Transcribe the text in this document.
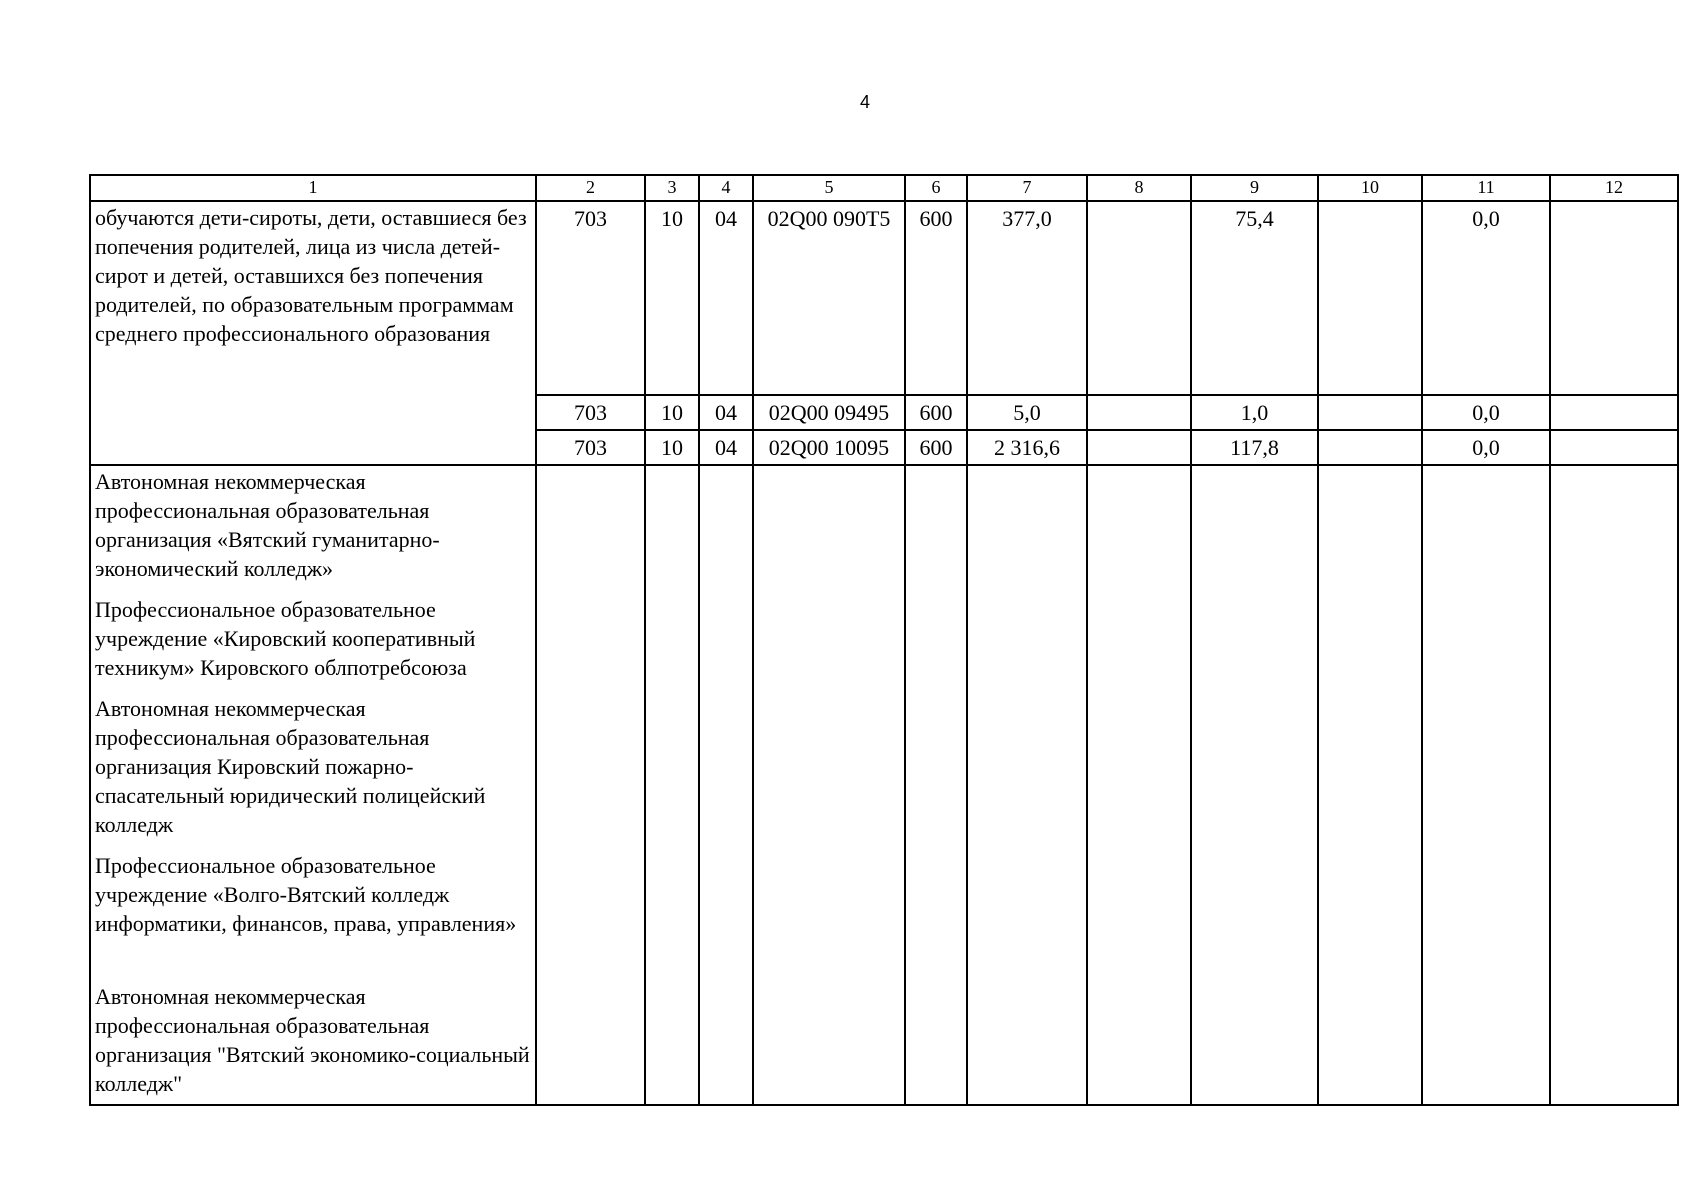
4
1	2	3	4	5	6	7	8	9	10	11	12
обучаются дети-сироты, дети, оставшиеся без попечения родителей, лица из числа детей-сирот и детей, оставшихся без попечения родителей, по образовательным программам среднего профессионального образования	703	10	04	02Q00 090T5	600	377,0		75,4		0,0	
	703	10	04	02Q00 09495	600	5,0		1,0		0,0	
	703	10	04	02Q00 10095	600	2 316,6		117,8		0,0	

Автономная некоммерческая профессиональная образовательная организация «Вятский гуманитарно-экономический колледж»
Профессиональное образовательное учреждение «Кировский кооперативный техникум» Кировского облпотребсоюза
Автономная некоммерческая профессиональная образовательная организация Кировский пожарно-спасательный юридический полицейский колледж
Профессиональное образовательное учреждение «Волго-Вятский колледж информатики, финансов, права, управления»
Автономная некоммерческая профессиональная образовательная организация "Вятский экономико-социальный колледж"											
